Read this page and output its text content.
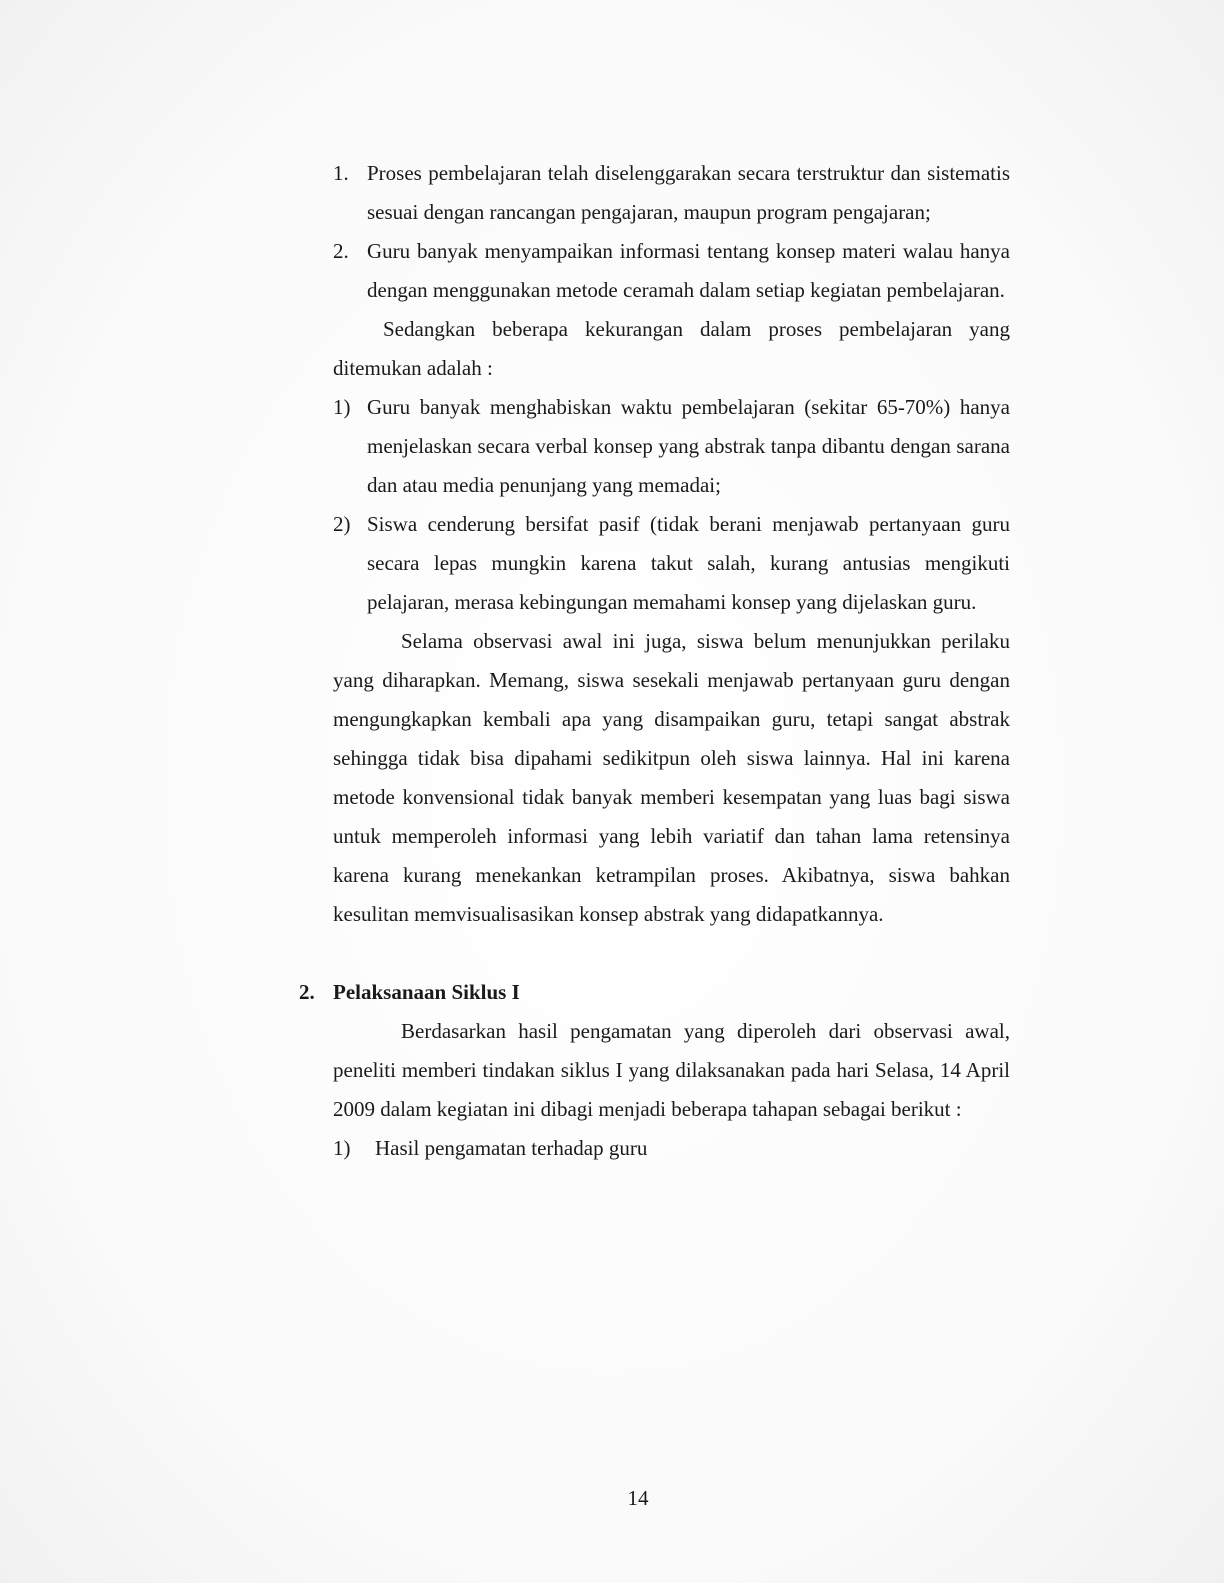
1. Proses pembelajaran telah diselenggarakan secara terstruktur dan sistematis sesuai dengan rancangan pengajaran, maupun program pengajaran;
2. Guru banyak menyampaikan informasi tentang konsep materi walau hanya dengan menggunakan metode ceramah dalam setiap kegiatan pembelajaran.
Sedangkan beberapa kekurangan dalam proses pembelajaran yang ditemukan adalah :
1) Guru banyak menghabiskan waktu pembelajaran (sekitar 65-70%) hanya menjelaskan secara verbal konsep yang abstrak tanpa dibantu dengan sarana dan atau media penunjang yang memadai;
2) Siswa cenderung bersifat pasif (tidak berani menjawab pertanyaan guru secara lepas mungkin karena takut salah, kurang antusias mengikuti pelajaran, merasa kebingungan memahami konsep yang dijelaskan guru.
Selama observasi awal ini juga, siswa belum menunjukkan perilaku yang diharapkan. Memang, siswa sesekali menjawab pertanyaan guru dengan mengungkapkan kembali apa yang disampaikan guru, tetapi sangat abstrak sehingga tidak bisa dipahami sedikitpun oleh siswa lainnya. Hal ini karena metode konvensional tidak banyak memberi kesempatan yang luas bagi siswa untuk memperoleh informasi yang lebih variatif dan tahan lama retensinya karena kurang menekankan ketrampilan proses. Akibatnya, siswa bahkan kesulitan memvisualisasikan konsep abstrak yang didapatkannya.
2. Pelaksanaan Siklus I
Berdasarkan hasil pengamatan yang diperoleh dari observasi awal, peneliti memberi tindakan siklus I yang dilaksanakan pada hari Selasa, 14 April 2009 dalam kegiatan ini dibagi menjadi beberapa tahapan sebagai berikut :
1) Hasil pengamatan terhadap guru
14
